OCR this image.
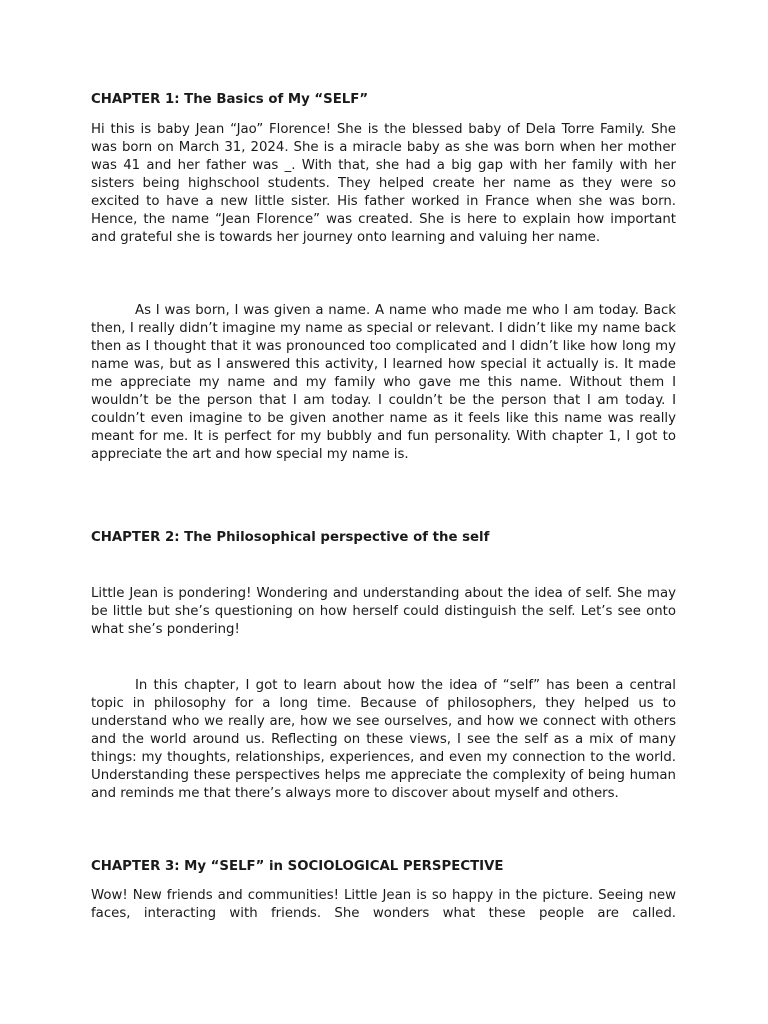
CHAPTER 1: The Basics of My “SELF”

Hi this is baby Jean “Jao” Florence! She is the blessed baby of Dela Torre Family. She was born on March 31, 2024. She is a miracle baby as she was born when her mother was 41 and her father was _. With that, she had a big gap with her family with her sisters being highschool students. They helped create her name as they were so excited to have a new little sister. His father worked in France when she was born. Hence, the name “Jean Florence” was created. She is here to explain how important and grateful she is towards her journey onto learning and valuing her name.

As I was born, I was given a name. A name who made me who I am today. Back then, I really didn’t imagine my name as special or relevant. I didn’t like my name back then as I thought that it was pronounced too complicated and I didn’t like how long my name was, but as I answered this activity, I learned how special it actually is. It made me appreciate my name and my family who gave me this name. Without them I wouldn’t be the person that I am today. I couldn’t be the person that I am today. I couldn’t even imagine to be given another name as it feels like this name was really meant for me. It is perfect for my bubbly and fun personality. With chapter 1, I got to appreciate the art and how special my name is.

CHAPTER 2: The Philosophical perspective of the self

Little Jean is pondering! Wondering and understanding about the idea of self. She may be little but she’s questioning on how herself could distinguish the self. Let’s see onto what she’s pondering!

In this chapter, I got to learn about how the idea of “self” has been a central topic in philosophy for a long time. Because of philosophers, they helped us to understand who we really are, how we see ourselves, and how we connect with others and the world around us. Reflecting on these views, I see the self as a mix of many things: my thoughts, relationships, experiences, and even my connection to the world. Understanding these perspectives helps me appreciate the complexity of being human and reminds me that there’s always more to discover about myself and others.

CHAPTER 3: My “SELF” in SOCIOLOGICAL PERSPECTIVE

Wow! New friends and communities! Little Jean is so happy in the picture. Seeing new faces, interacting with friends. She wonders what these people are called.
